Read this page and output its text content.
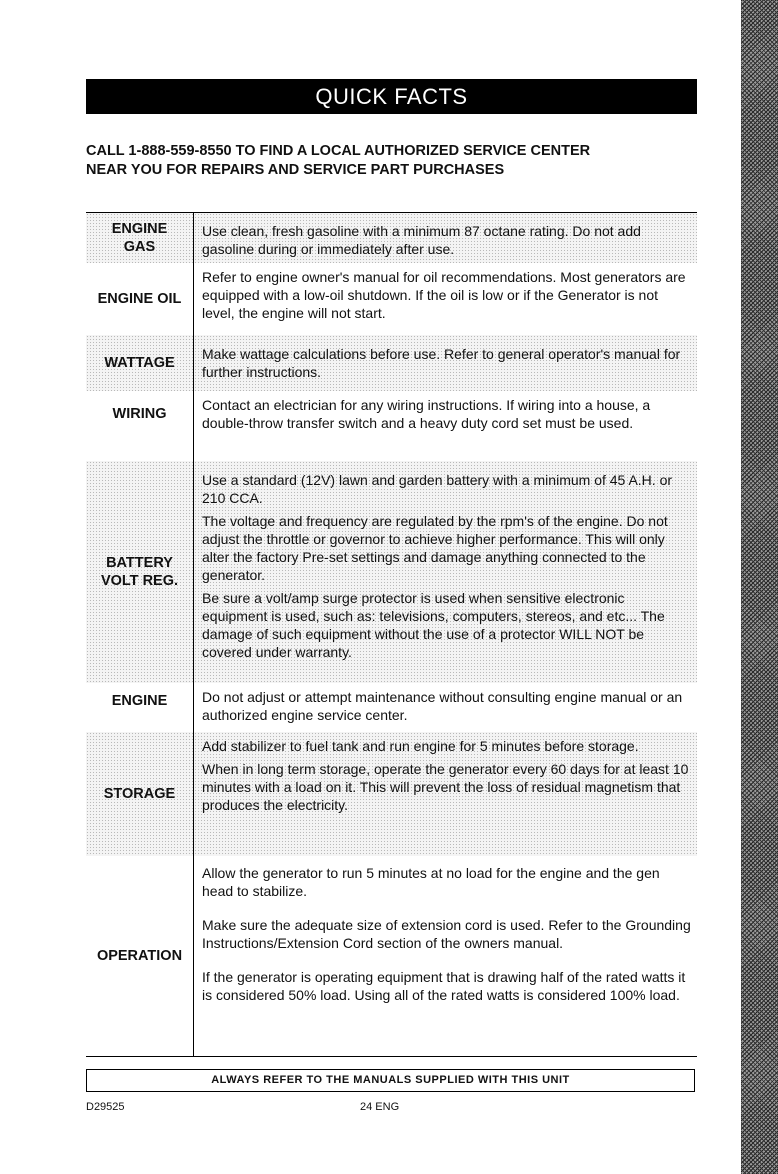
QUICK FACTS
CALL 1-888-559-8550 TO FIND A LOCAL AUTHORIZED SERVICE CENTER
NEAR YOU FOR REPAIRS AND SERVICE PART PURCHASES
ENGINE
GAS

Use clean, fresh gasoline with a minimum 87 octane rating. Do not add gasoline during or immediately after use.

ENGINE OIL

Refer to engine owner's manual for oil recommendations. Most generators are equipped with a low-oil shutdown. If the oil is low or if the Generator is not level, the engine will not start.

WATTAGE

Make wattage calculations before use. Refer to general operator's manual for further instructions.

WIRING

Contact an electrician for any wiring instructions. If wiring into a house, a double-throw transfer switch and a heavy duty cord set must be used.

BATTERY
VOLT REG.

Use a standard (12V) lawn and garden battery with a minimum of 45 A.H. or 210 CCA.

The voltage and frequency are regulated by the rpm's of the engine. Do not adjust the throttle or governor to achieve higher performance. This will only alter the factory Pre-set settings and damage anything connected to the generator.

Be sure a volt/amp surge protector is used when sensitive electronic equipment is used, such as: televisions, computers, stereos, and etc... The damage of such equipment without the use of a protector WILL NOT be covered under warranty.

ENGINE Do not adjust or attempt maintenance without consulting engine manual or an authorized engine service center.

STORAGE

Add stabilizer to fuel tank and run engine for 5 minutes before storage.

When in long term storage, operate the generator every 60 days for at least 10 minutes with a load on it. This will prevent the loss of residual magnetism that produces the electricity.

OPERATION

Allow the generator to run 5 minutes at no load for the engine and the gen head to stabilize.

Make sure the adequate size of extension cord is used. Refer to the Grounding Instructions/Extension Cord section of the owners manual.

If the generator is operating equipment that is drawing half of the rated watts it is considered 50% load. Using all of the rated watts is considered 100% load.

ALWAYS REFER TO THE MANUALS SUPPLIED WITH THIS UNIT
D29525	24 ENG
